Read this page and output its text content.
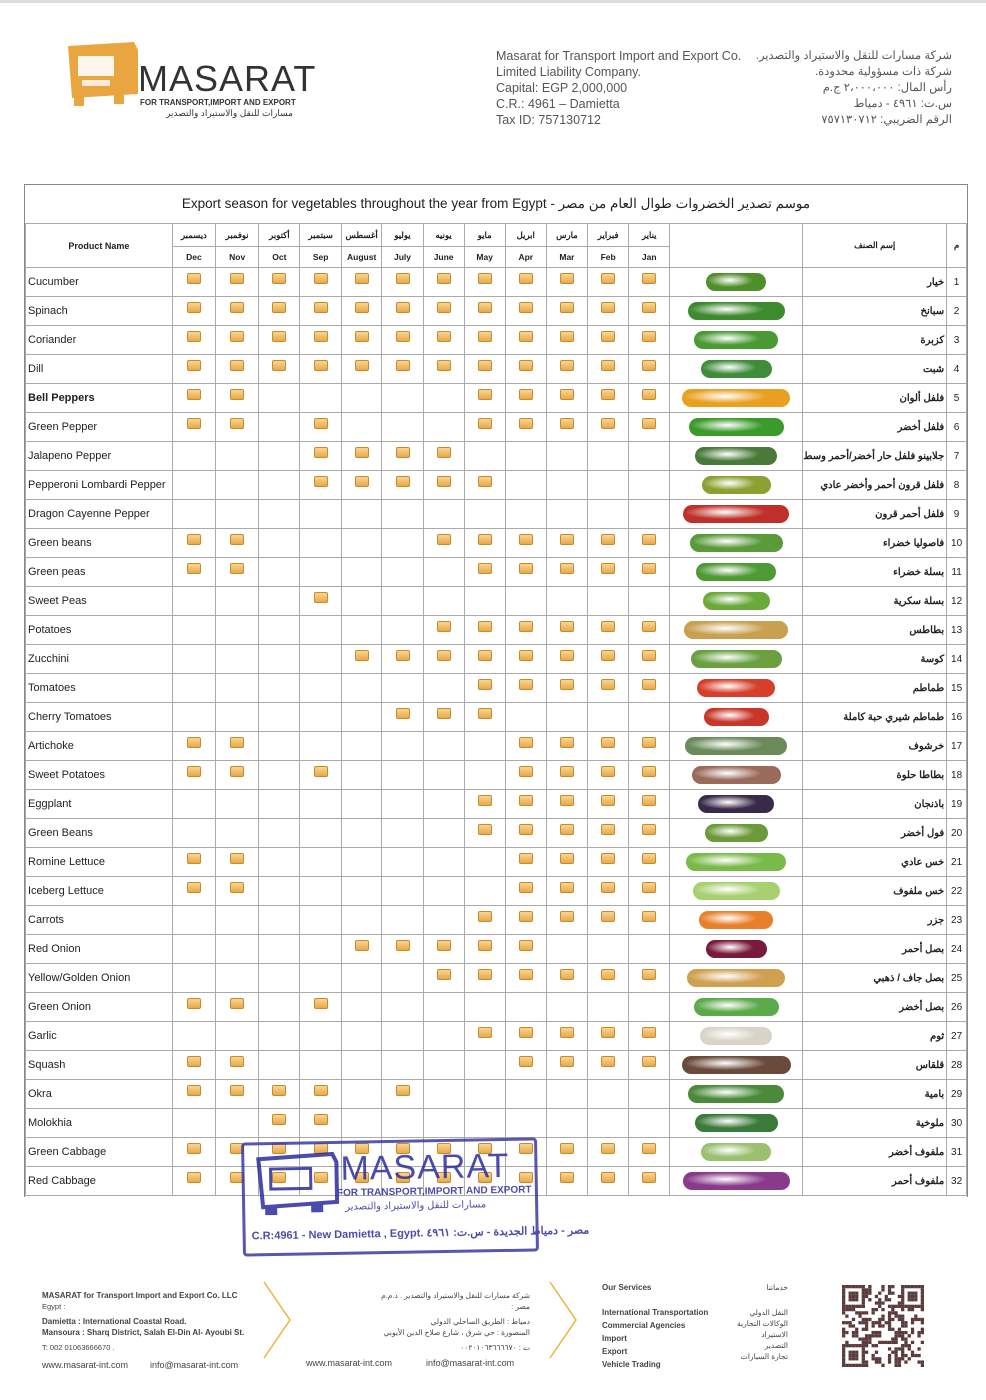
MASARAT
FOR TRANSPORT,IMPORT AND EXPORT
مسارات للنقل والاستيراد والتصدير
Masarat for Transport Import and Export Co.
Limited Liability Company.
Capital: EGP 2,000,000
C.R.: 4961 – Damietta
Tax ID: 757130712
شركة مسارات للنقل والاستيراد والتصدير.
شركة ذات مسؤولية محدودة.
رأس المال: ٢،٠٠٠،٠٠٠ ج.م
س.ت: ٤٩٦١ - دمياط
الرقم الضريبي: ٧٥٧١٣٠٧١٢
Export season for vegetables throughout the year from Egypt - موسم تصدير الخضروات طوال العام من مصر
Product Name	ديسمبر	نوفمبر	أكتوبر	سبتمبر	أغسطس	يوليو	يونيه	مايو	ابريل	مارس	فبراير	يناير		إسم الصنف	م
	Dec	Nov	Oct	Sep	August	July	June	May	Apr	Mar	Feb	Jan			
Cucumber														خيار	1
Spinach														سبانخ	2
Coriander														كزبرة	3
Dill														شبت	4
Bell Peppers														فلفل ألوان	5
Green Pepper														فلفل أخضر	6
Jalapeno Pepper														جلابينو فلفل حار أخضر/أحمر وسط	7
Pepperoni Lombardi Pepper														فلفل قرون أحمر وأخضر عادي	8
Dragon Cayenne Pepper														فلفل أحمر قرون	9
Green beans														فاصوليا خضراء	10
Green peas														بسلة خضراء	11
Sweet Peas														بسلة سكرية	12
Potatoes														بطاطس	13
Zucchini														كوسة	14
Tomatoes														طماطم	15
Cherry Tomatoes														طماطم شيري حبة كاملة	16
Artichoke														خرشوف	17
Sweet Potatoes														بطاطا حلوة	18
Eggplant														باذنجان	19
Green Beans														فول أخضر	20
Romine Lettuce														خس عادي	21
Iceberg Lettuce														خس ملفوف	22
Carrots														جزر	23
Red Onion														بصل أحمر	24
Yellow/Golden Onion														بصل جاف / ذهبي	25
Green Onion														بصل أخضر	26
Garlic														ثوم	27
Squash														قلقاس	28
Okra														بامية	29
Molokhia														ملوخية	30
Green Cabbage														ملفوف أخضر	31
Red Cabbage														ملفوف أحمر	32
MASARAT
FOR TRANSPORT,IMPORT AND EXPORT
مسارات للنقل والاستيراد والتصدير
C.R:4961 - New Damietta , Egypt. مصر - دمياط الجديدة - س.ت: ٤٩٦١
MASARAT for Transport Import and Export Co. LLC
Egypt :
Damietta : International Coastal Road.
Mansoura : Sharq District, Salah El-Din Al- Ayoubi St.
T: 002 01063666670 .
www.masarat-int.com info@masarat-int.com
شركة مسارات للنقل والاستيراد والتصدير . ذ.م.م
مصر :
دمياط : الطريق الساحلي الدولي
المنصورة : حي شرق ، شارع صلاح الدين الأيوبي
ت : ٠٠٢٠١٠٦٣٦٦٦٦٧٠
www.masarat-int.com	info@masarat-int.com
Our Services
International Transportation
Commercial Agencies
Import
Export
Vehicle Trading
خدماتنا
النقل الدولي
الوكالات التجارية
الاستيراد
التصدير
تجارة السيارات
